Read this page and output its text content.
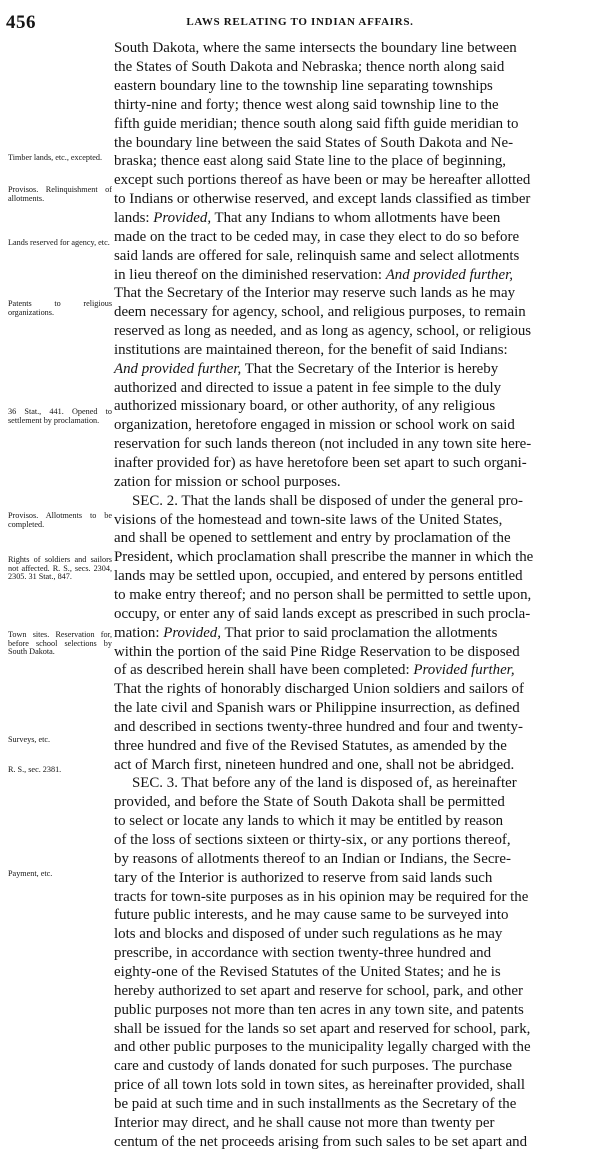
456	LAWS RELATING TO INDIAN AFFAIRS.
Timber lands, etc., excepted.
Provisos. Relinquishment of allotments.
Lands reserved for agency, etc.
Patents to religious organizations.
36 Stat., 441. Opened to settlement by proclamation.
Provisos. Allotments to be completed.
Rights of soldiers and sailors not affected. R. S., secs. 2304, 2305. 31 Stat., 847.
Town sites. Reservation for, before school selections by South Dakota.
Surveys, etc.
R. S., sec. 2381.
Payment, etc.
South Dakota, where the same intersects the boundary line between
the States of South Dakota and Nebraska; thence north along said
eastern boundary line to the township line separating townships
thirty-nine and forty; thence west along said township line to the
fifth guide meridian; thence south along said fifth guide meridian to
the boundary line between the said States of South Dakota and Ne-
braska; thence east along said State line to the place of beginning,
except such portions thereof as have been or may be hereafter allotted
to Indians or otherwise reserved, and except lands classified as timber
lands: Provided, That any Indians to whom allotments have been
made on the tract to be ceded may, in case they elect to do so before
said lands are offered for sale, relinquish same and select allotments
in lieu thereof on the diminished reservation: And provided further,
That the Secretary of the Interior may reserve such lands as he may
deem necessary for agency, school, and religious purposes, to remain
reserved as long as needed, and as long as agency, school, or religious
institutions are maintained thereon, for the benefit of said Indians:
And provided further, That the Secretary of the Interior is hereby
authorized and directed to issue a patent in fee simple to the duly
authorized missionary board, or other authority, of any religious
organization, heretofore engaged in mission or school work on said
reservation for such lands thereon (not included in any town site here-
inafter provided for) as have heretofore been set apart to such organi-
zation for mission or school purposes.
SEC. 2. That the lands shall be disposed of under the general pro-
visions of the homestead and town-site laws of the United States,
and shall be opened to settlement and entry by proclamation of the
President, which proclamation shall prescribe the manner in which the
lands may be settled upon, occupied, and entered by persons entitled
to make entry thereof; and no person shall be permitted to settle upon,
occupy, or enter any of said lands except as prescribed in such procla-
mation: Provided, That prior to said proclamation the allotments
within the portion of the said Pine Ridge Reservation to be disposed
of as described herein shall have been completed: Provided further,
That the rights of honorably discharged Union soldiers and sailors of
the late civil and Spanish wars or Philippine insurrection, as defined
and described in sections twenty-three hundred and four and twenty-
three hundred and five of the Revised Statutes, as amended by the
act of March first, nineteen hundred and one, shall not be abridged.
SEC. 3. That before any of the land is disposed of, as hereinafter
provided, and before the State of South Dakota shall be permitted
to select or locate any lands to which it may be entitled by reason
of the loss of sections sixteen or thirty-six, or any portions thereof,
by reasons of allotments thereof to an Indian or Indians, the Secre-
tary of the Interior is authorized to reserve from said lands such
tracts for town-site purposes as in his opinion may be required for the
future public interests, and he may cause same to be surveyed into
lots and blocks and disposed of under such regulations as he may
prescribe, in accordance with section twenty-three hundred and
eighty-one of the Revised Statutes of the United States; and he is
hereby authorized to set apart and reserve for school, park, and other
public purposes not more than ten acres in any town site, and patents
shall be issued for the lands so set apart and reserved for school, park,
and other public purposes to the municipality legally charged with the
care and custody of lands donated for such purposes. The purchase
price of all town lots sold in town sites, as hereinafter provided, shall
be paid at such time and in such installments as the Secretary of the
Interior may direct, and he shall cause not more than twenty per
centum of the net proceeds arising from such sales to be set apart and
